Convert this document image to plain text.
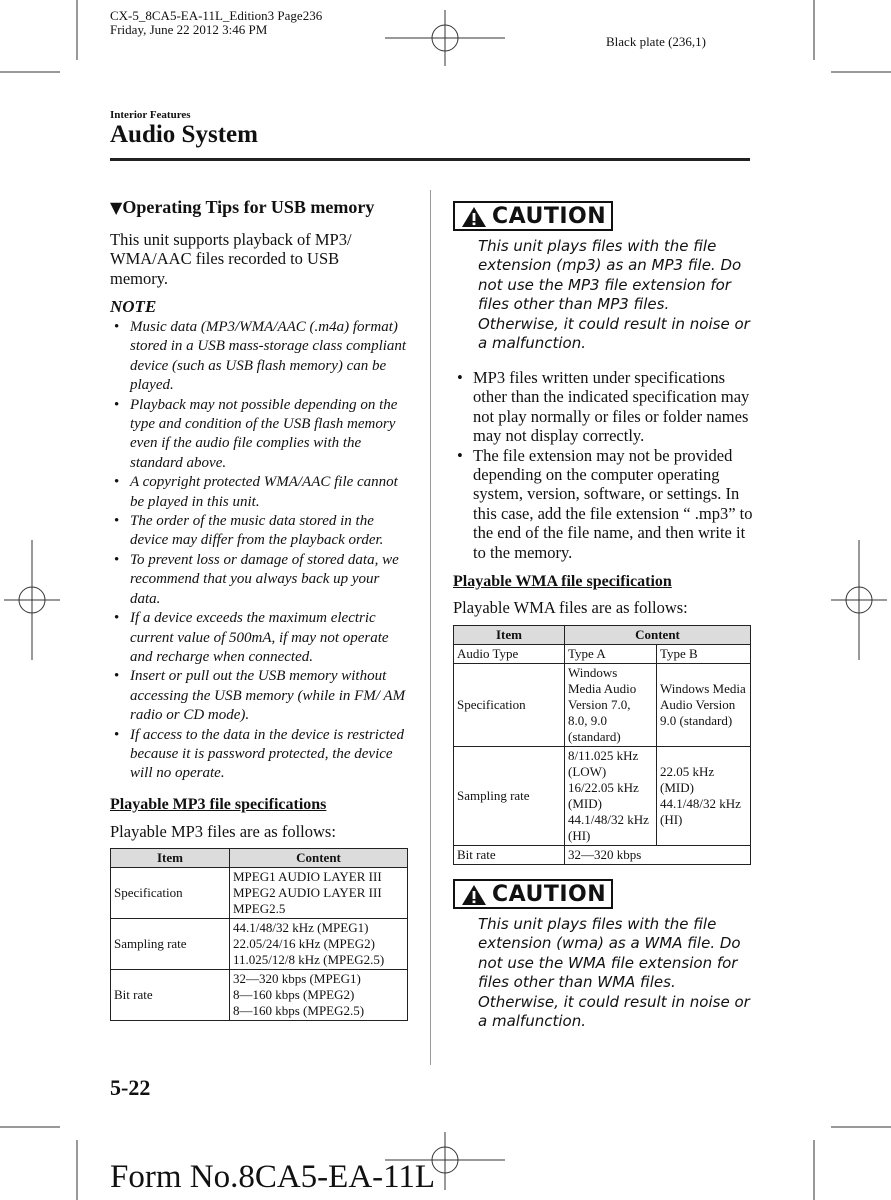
CX-5_8CA5-EA-11L_Edition3 Page236
Friday, June 22 2012 3:46 PM
Black plate (236,1)
Interior Features
Audio System
▼Operating Tips for USB memory
This unit supports playback of MP3/ WMA/AAC files recorded to USB memory.
NOTE
• Music data (MP3/WMA/AAC (.m4a) format) stored in a USB mass-storage class compliant device (such as USB flash memory) can be played.
• Playback may not possible depending on the type and condition of the USB flash memory even if the audio file complies with the standard above.
• A copyright protected WMA/AAC file cannot be played in this unit.
• The order of the music data stored in the device may differ from the playback order.
• To prevent loss or damage of stored data, we recommend that you always back up your data.
• If a device exceeds the maximum electric current value of 500mA, if may not operate and recharge when connected.
• Insert or pull out the USB memory without accessing the USB memory (while in FM/ AM radio or CD mode).
• If access to the data in the device is restricted because it is password protected, the device will no operate.
Playable MP3 file specifications
Playable MP3 files are as follows:
Item	Content
Specification	MPEG1 AUDIO LAYER III
MPEG2 AUDIO LAYER III
MPEG2.5

Sampling rate	44.1/48/32 kHz (MPEG1)
22.05/24/16 kHz (MPEG2)
11.025/12/8 kHz (MPEG2.5)

Bit rate	32—320 kbps (MPEG1)
8—160 kbps (MPEG2)
8—160 kbps (MPEG2.5)
CAUTION
This unit plays files with the file extension (mp3) as an MP3 file. Do not use the MP3 file extension for files other than MP3 files. Otherwise, it could result in noise or a malfunction.
• MP3 files written under specifications other than the indicated specification may not play normally or files or folder names may not display correctly.
• The file extension may not be provided depending on the computer operating system, version, software, or settings. In this case, add the file extension “ .mp3” to the end of the file name, and then write it to the memory.
Playable WMA file specification
Playable WMA files are as follows:
Item	Content	
Audio Type	Type A	Type B
Specification	Windows Media Audio Version 7.0, 8.0, 9.0 (standard)	Windows Media Audio Version 9.0 (standard)
Sampling rate	8/11.025 kHz (LOW) 16/22.05 kHz (MID) 44.1/48/32 kHz (HI)	22.05 kHz (MID) 44.1/48/32 kHz (HI)
Bit rate	32—320 kbps	
CAUTION
This unit plays files with the file extension (wma) as a WMA file. Do not use the WMA file extension for files other than WMA files. Otherwise, it could result in noise or a malfunction.
5-22
Form No.8CA5-EA-11L
